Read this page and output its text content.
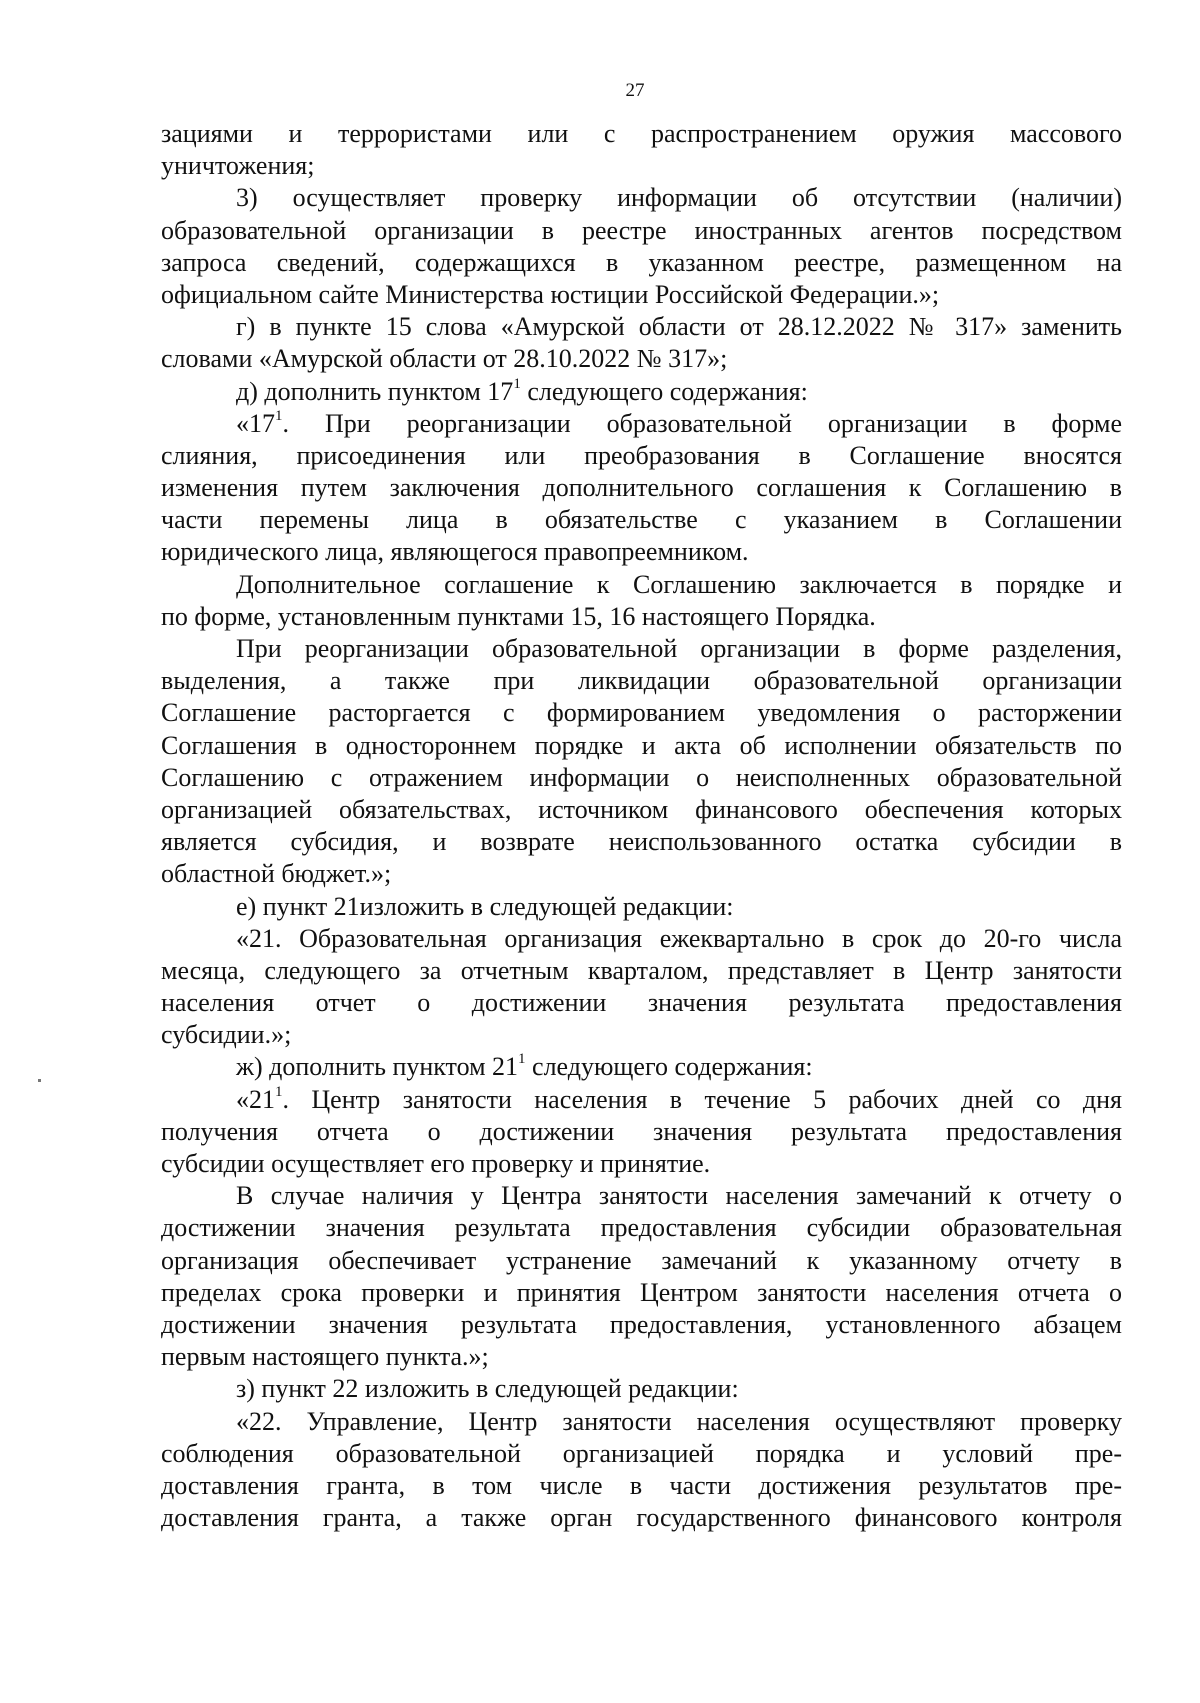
27
зациями и террористами или с распространением оружия массового
уничтожения;
3) осуществляет проверку информации об отсутствии (наличии)
образовательной организации в реестре иностранных агентов посредством
запроса сведений, содержащихся в указанном реестре, размещенном на
официальном сайте Министерства юстиции Российской Федерации.»;
г) в пункте 15 слова «Амурской области от 28.12.2022 № 317» заменить
словами «Амурской области от 28.10.2022 № 317»;
д) дополнить пунктом $17^1$ следующего содержания:
«$17^1$. При реорганизации образовательной организации в форме
слияния, присоединения или преобразования в Соглашение вносятся
изменения путем заключения дополнительного соглашения к Соглашению в
части перемены лица в обязательстве с указанием в Соглашении
юридического лица, являющегося правопреемником.
Дополнительное соглашение к Соглашению заключается в порядке и
по форме, установленным пунктами 15, 16 настоящего Порядка.
При реорганизации образовательной организации в форме разделения,
выделения, а также при ликвидации образовательной организации
Соглашение расторгается с формированием уведомления о расторжении
Соглашения в одностороннем порядке и акта об исполнении обязательств по
Соглашению с отражением информации о неисполненных образовательной
организацией обязательствах, источником финансового обеспечения которых
является субсидия, и возврате неиспользованного остатка субсидии в
областной бюджет.»;
е) пункт 21изложить в следующей редакции:
«21. Образовательная организация ежеквартально в срок до 20-го числа
месяца, следующего за отчетным кварталом, представляет в Центр занятости
населения отчет о достижении значения результата предоставления
субсидии.»;
ж) дополнить пунктом $21^1$ следующего содержания:
«$21^1$. Центр занятости населения в течение 5 рабочих дней со дня
получения отчета о достижении значения результата предоставления
субсидии осуществляет его проверку и принятие.
В случае наличия у Центра занятости населения замечаний к отчету о
достижении значения результата предоставления субсидии образовательная
организация обеспечивает устранение замечаний к указанному отчету в
пределах срока проверки и принятия Центром занятости населения отчета о
достижении значения результата предоставления, установленного абзацем
первым настоящего пункта.»;
з) пункт 22 изложить в следующей редакции:
«22. Управление, Центр занятости населения осуществляют проверку
соблюдения образовательной организацией порядка и условий пре-
доставления гранта, в том числе в части достижения результатов пре-
доставления гранта, а также орган государственного финансового контроля
